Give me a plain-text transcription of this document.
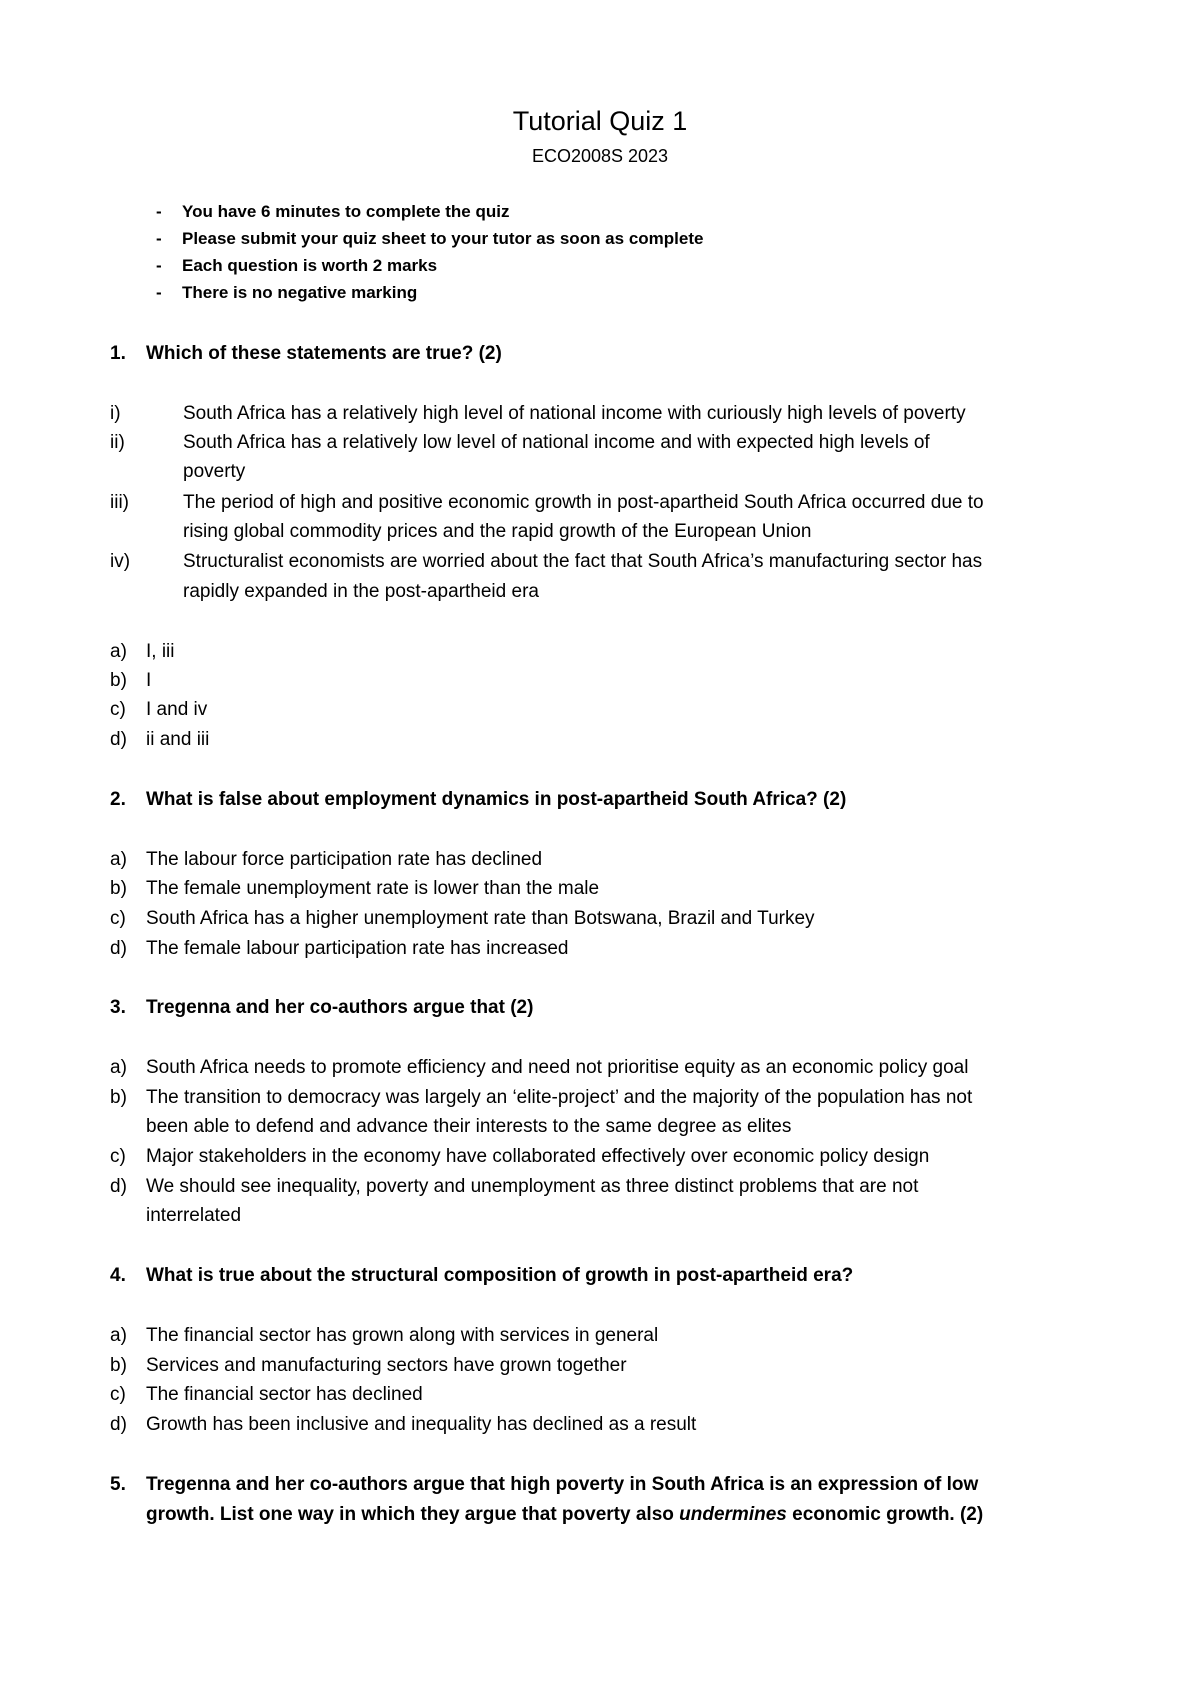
Tutorial Quiz 1
ECO2008S 2023
- You have 6 minutes to complete the quiz
- Please submit your quiz sheet to your tutor as soon as complete
- Each question is worth 2 marks
- There is no negative marking
1. Which of these statements are true? (2)
i)	South Africa has a relatively high level of national income with curiously high levels of poverty
ii)	South Africa has a relatively low level of national income and with expected high levels of
poverty
iii)	The period of high and positive economic growth in post-apartheid South Africa occurred due to
rising global commodity prices and the rapid growth of the European Union
iv)	Structuralist economists are worried about the fact that South Africa’s manufacturing sector has
rapidly expanded in the post-apartheid era
a) I, iii
b) I
c) I and iv
d) ii and iii
2. What is false about employment dynamics in post-apartheid South Africa? (2)
a) The labour force participation rate has declined
b) The female unemployment rate is lower than the male
c) South Africa has a higher unemployment rate than Botswana, Brazil and Turkey
d) The female labour participation rate has increased
3. Tregenna and her co-authors argue that (2)
a) South Africa needs to promote efficiency and need not prioritise equity as an economic policy goal
b) The transition to democracy was largely an ‘elite-project’ and the majority of the population has not
been able to defend and advance their interests to the same degree as elites
c) Major stakeholders in the economy have collaborated effectively over economic policy design
d) We should see inequality, poverty and unemployment as three distinct problems that are not
interrelated
4. What is true about the structural composition of growth in post-apartheid era?
a) The financial sector has grown along with services in general
b) Services and manufacturing sectors have grown together
c) The financial sector has declined
d) Growth has been inclusive and inequality has declined as a result
5. Tregenna and her co-authors argue that high poverty in South Africa is an expression of low
growth. List one way in which they argue that poverty also undermines economic growth. (2)
